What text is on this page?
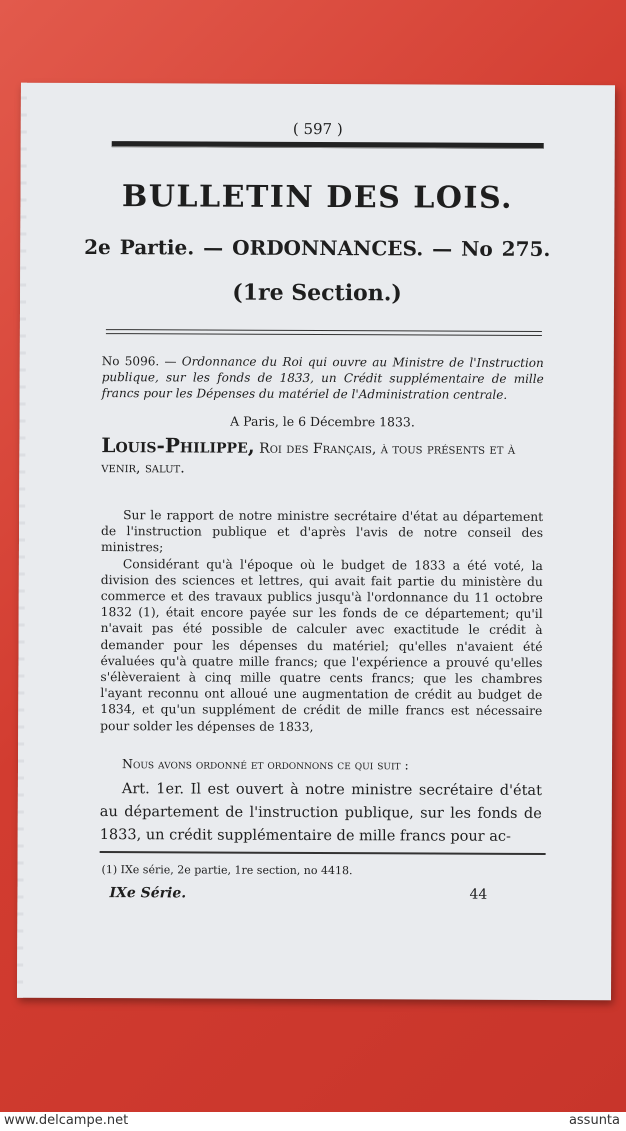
( 597 )
BULLETIN DES LOIS.
2e Partie. — ORDONNANCES. — No 275.
(1re Section.)
No 5096. — Ordonnance du Roi qui ouvre au Ministre de l'Instruction publique, sur les fonds de 1833, un Crédit supplémentaire de mille francs pour les Dépenses du matériel de l'Administration centrale.
A Paris, le 6 Décembre 1833.
Louis-Philippe, Roi des Français, à tous présents et à venir, salut.

Sur le rapport de notre ministre secrétaire d'état au département de l'instruction publique et d'après l'avis de notre conseil des ministres;

Considérant qu'à l'époque où le budget de 1833 a été voté, la division des sciences et lettres, qui avait fait partie du ministère du commerce et des travaux publics jusqu'à l'ordonnance du 11 octobre 1832 (1), était encore payée sur les fonds de ce département; qu'il n'avait pas été possible de calculer avec exactitude le crédit à demander pour les dépenses du matériel; qu'elles n'avaient été évaluées qu'à quatre mille francs; que l'expérience a prouvé qu'elles s'élèveraient à cinq mille quatre cents francs; que les chambres l'ayant reconnu ont alloué une augmentation de crédit au budget de 1834, et qu'un supplément de crédit de mille francs est nécessaire pour solder les dépenses de 1833,

Nous avons ordonné et ordonnons ce qui suit :
Art. 1er. Il est ouvert à notre ministre secrétaire d'état au département de l'instruction publique, sur les fonds de 1833, un crédit supplémentaire de mille francs pour ac-
(1) IXe série, 2e partie, 1re section, no 4418.
IXe Série.	44
www.delcampe.net	assunta
